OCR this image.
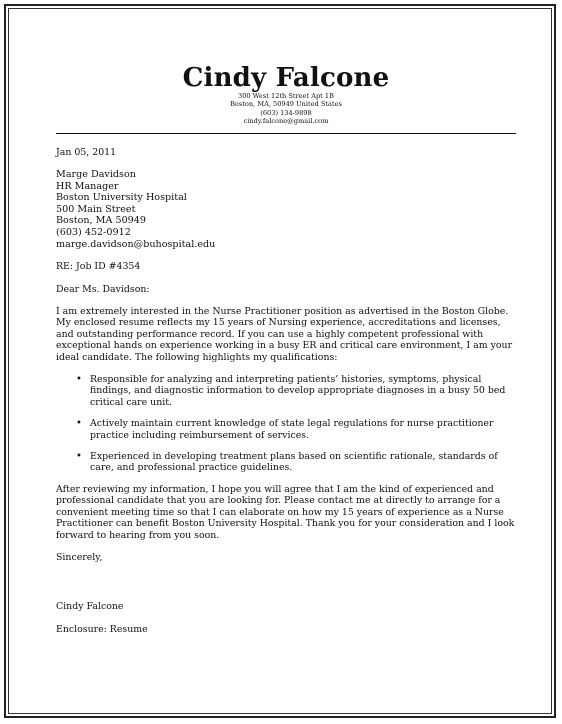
Cindy Falcone

300 West 12th Street Apt 1B

Boston, MA, 50949 United States

(603) 134-9898

cindy.falcone@gmail.com

Jan 05, 2011

Marge Davidson

HR Manager

Boston University Hospital

500 Main Street

Boston, MA 50949

(603) 452-0912

marge.davidson@buhospital.edu

RE: Job ID #4354

Dear Ms. Davidson:

I am extremely interested in the Nurse Practitioner position as advertised in the Boston Globe. My enclosed resume reflects my 15 years of Nursing experience, accreditations and licenses, and outstanding performance record. If you can use a highly competent professional with exceptional hands on experience working in a busy ER and critical care environment, I am your ideal candidate. The following highlights my qualifications:

• Responsible for analyzing and interpreting patients’ histories, symptoms, physical findings, and diagnostic information to develop appropriate diagnoses in a busy 50 bed critical care unit.
• Actively maintain current knowledge of state legal regulations for nurse practitioner practice including reimbursement of services.
• Experienced in developing treatment plans based on scientific rationale, standards of care, and professional practice guidelines.

After reviewing my information, I hope you will agree that I am the kind of experienced and professional candidate that you are looking for. Please contact me at directly to arrange for a convenient meeting time so that I can elaborate on how my 15 years of experience as a Nurse Practitioner can benefit Boston University Hospital. Thank you for your consideration and I look forward to hearing from you soon.

Sincerely,

Cindy Falcone

Enclosure: Resume
